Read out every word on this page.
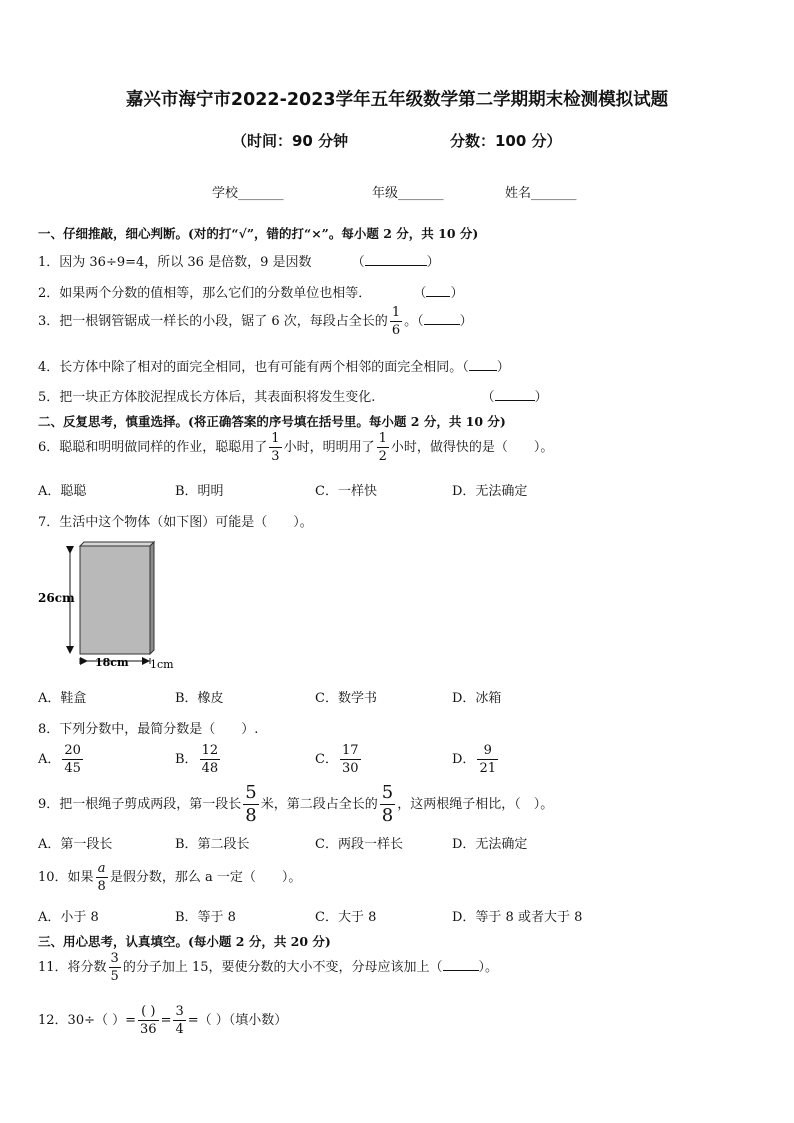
嘉兴市海宁市2022-2023学年五年级数学第二学期期末检测模拟试题
（时间：90 分钟	分数：100 分）
学校_______	年级_______	姓名_______
一、仔细推敲，细心判断。(对的打“√”，错的打“×”。每小题 2 分，共 10 分)
1．因为 36÷9=4，所以 36 是倍数，9 是因数	（	）
2．如果两个分数的值相等，那么它们的分数单位也相等．	（ ）
3．把一根钢管锯成一样长的小段，锯了 6 次，每段占全长的 $\frac{1}{6}$ 。（	）
4．长方体中除了相对的面完全相同，也有可能有两个相邻的面完全相同。（ ）
5．把一块正方体胶泥捏成长方体后，其表面积将发生变化.	（	）
二、反复思考，慎重选择。(将正确答案的序号填在括号里。每小题 2 分，共 10 分)
6．聪聪和明明做同样的作业，聪聪用了 $\frac{1}{3}$ 小时，明明用了 $\frac{1}{2}$ 小时，做得快的是（　　）。
A．聪聪	B．明明	C．一样快	D．无法确定
7．生活中这个物体（如下图）可能是（　　）。
26cm
18cm 1cm
A．鞋盒	B．橡皮	C．数学书	D．冰箱
8．下列分数中，最简分数是（　　）.
A． $\frac{20}{45}$	B． $\frac{12}{48}$	C． $\frac{17}{30}$	D． $\frac{9}{21}$
9．把一根绳子剪成两段，第一段长 $\frac{5}{8}$ 米，第二段占全长的 $\frac{5}{8}$ ，这两根绳子相比，（　）。
A．第一段长	B．第二段长	C．两段一样长	D．无法确定
10．如果 $\frac{a}{8}$ 是假分数，那么 a 一定（　　）。
A．小于 8	B．等于 8	C．大于 8	D．等于 8 或者大于 8
三、用心思考，认真填空。(每小题 2 分，共 20 分)
11．将分数 $\frac{3}{5}$ 的分子加上 15，要使分数的大小不变，分母应该加上（	）。
12．30÷（ ）= $\frac{( )}{36} = \frac{3}{4}$ =（ ）（填小数）
